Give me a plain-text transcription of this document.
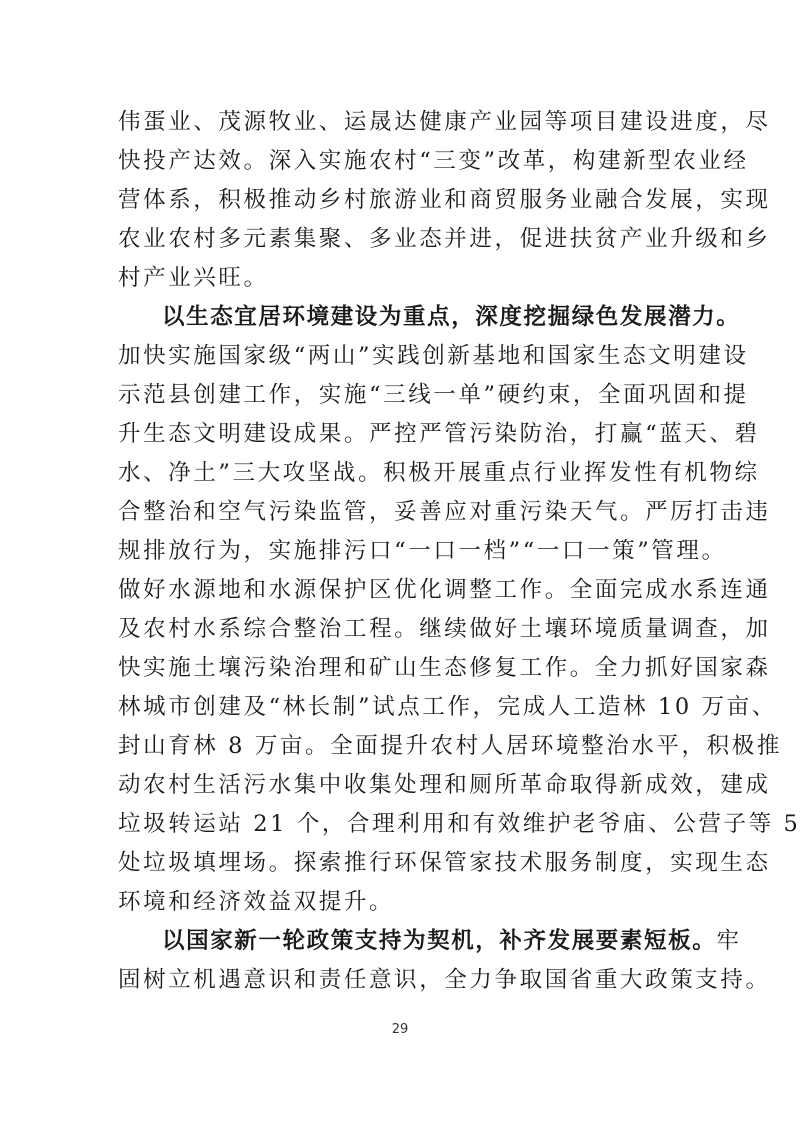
伟蛋业、茂源牧业、运晟达健康产业园等项目建设进度，尽
快投产达效。深入实施农村“三变”改革，构建新型农业经
营体系，积极推动乡村旅游业和商贸服务业融合发展，实现
农业农村多元素集聚、多业态并进，促进扶贫产业升级和乡
村产业兴旺。
以生态宜居环境建设为重点，深度挖掘绿色发展潜力。
加快实施国家级“两山”实践创新基地和国家生态文明建设
示范县创建工作，实施“三线一单”硬约束，全面巩固和提
升生态文明建设成果。严控严管污染防治，打赢“蓝天、碧
水、净土”三大攻坚战。积极开展重点行业挥发性有机物综
合整治和空气污染监管，妥善应对重污染天气。严厉打击违
规排放行为，实施排污口“一口一档”“一口一策”管理。
做好水源地和水源保护区优化调整工作。全面完成水系连通
及农村水系综合整治工程。继续做好土壤环境质量调查，加
快实施土壤污染治理和矿山生态修复工作。全力抓好国家森
林城市创建及“林长制”试点工作，完成人工造林 10 万亩、
封山育林 8 万亩。全面提升农村人居环境整治水平，积极推
动农村生活污水集中收集处理和厕所革命取得新成效，建成
垃圾转运站 21 个，合理利用和有效维护老爷庙、公营子等 5
处垃圾填埋场。探索推行环保管家技术服务制度，实现生态
环境和经济效益双提升。
以国家新一轮政策支持为契机，补齐发展要素短板。牢
固树立机遇意识和责任意识，全力争取国省重大政策支持。
29
